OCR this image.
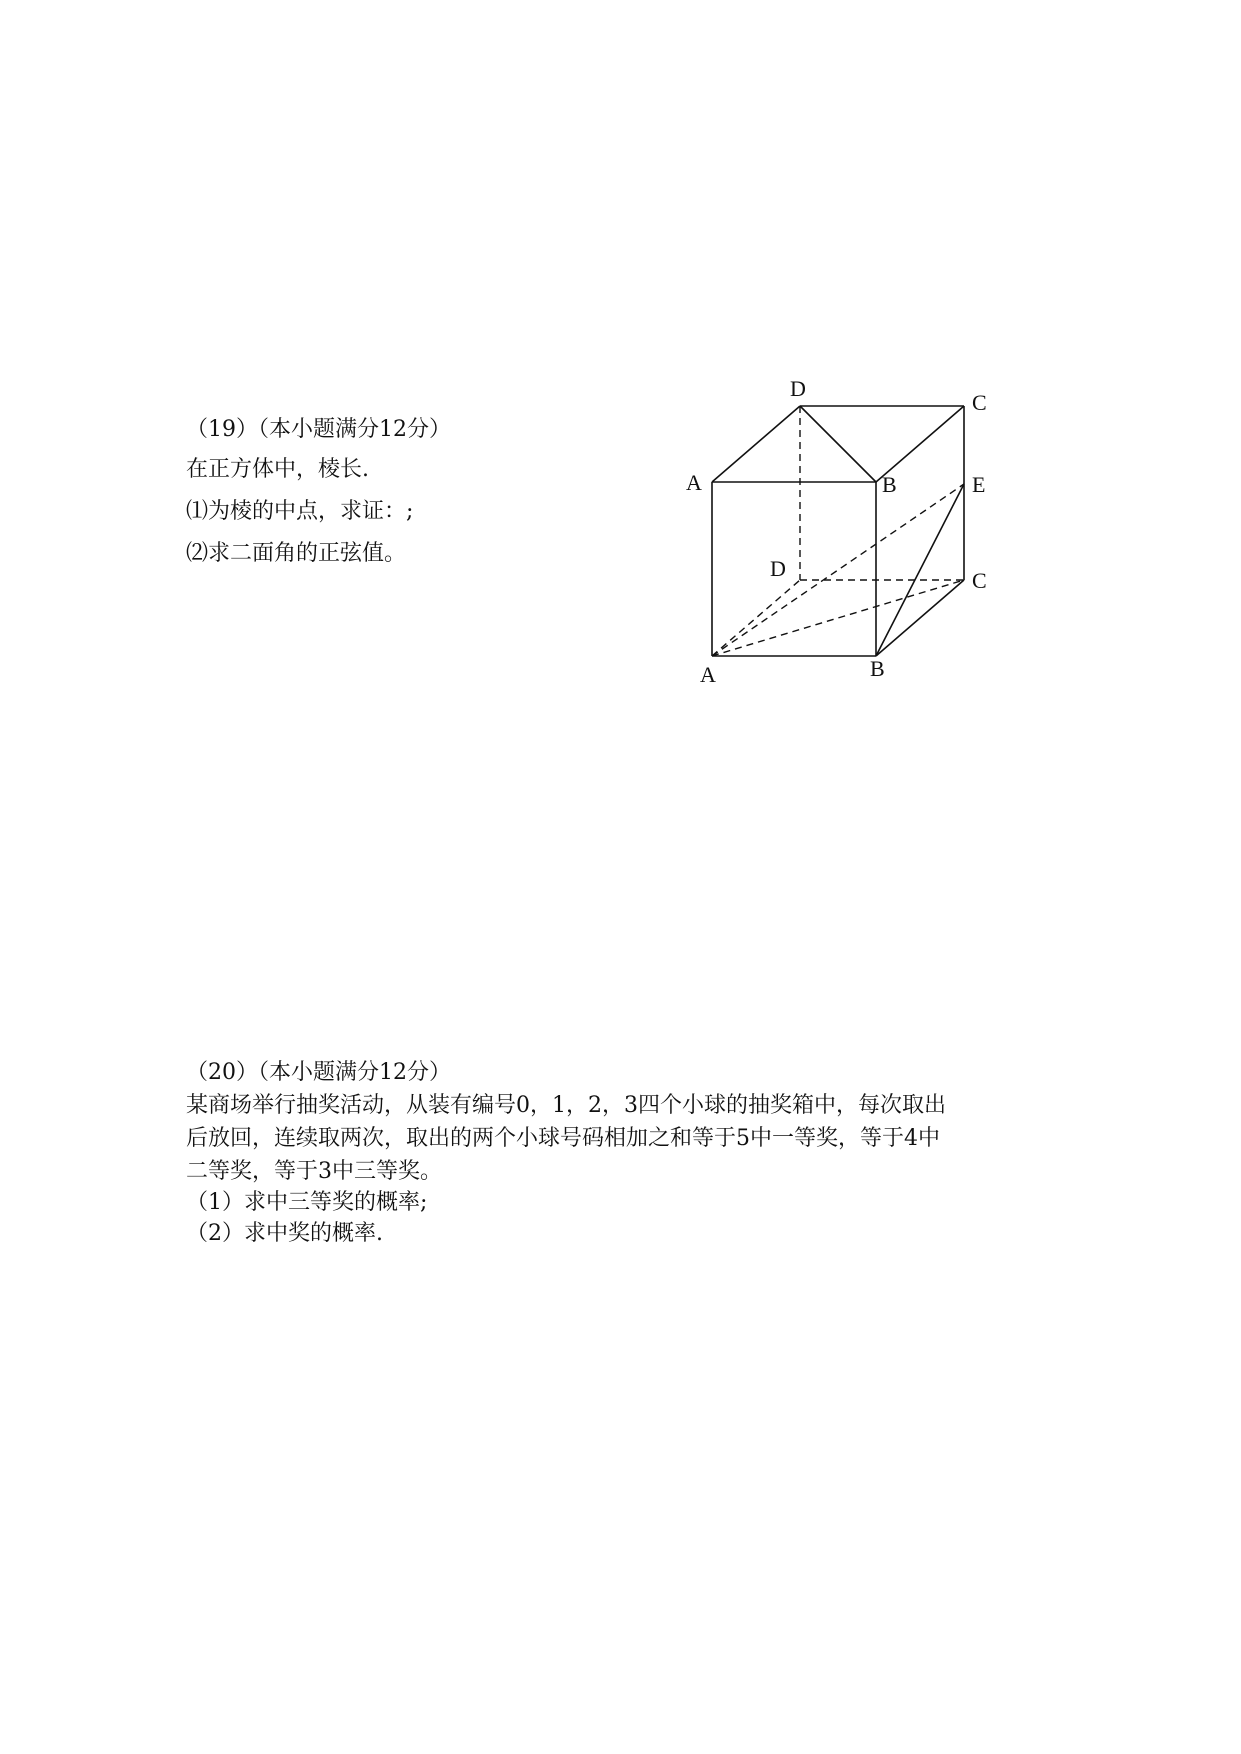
（19）（本小题满分12分）
在正方体中，棱长.
⑴为棱的中点，求证：;
⑵求二面角的正弦值。
D
C
A	B	E
D	C
A	B
（20）（本小题满分12分）
某商场举行抽奖活动，从装有编号0，1，2，3四个小球的抽奖箱中，每次取出
后放回，连续取两次，取出的两个小球号码相加之和等于5中一等奖，等于4中
二等奖，等于3中三等奖。
（1）求中三等奖的概率;
（2）求中奖的概率.
